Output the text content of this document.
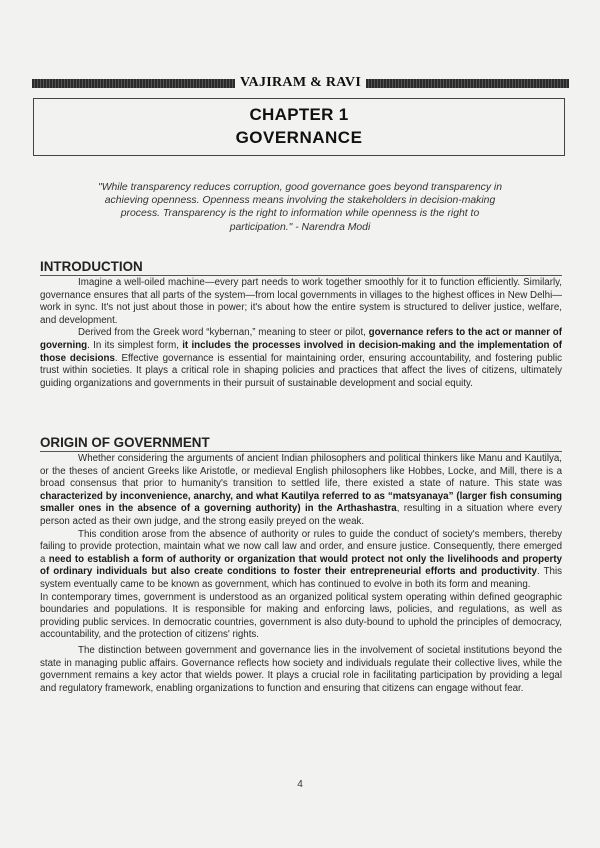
VAJIRAM & RAVI
CHAPTER 1
GOVERNANCE
"While transparency reduces corruption, good governance goes beyond transparency in achieving openness. Openness means involving the stakeholders in decision-making process. Transparency is the right to information while openness is the right to participation." - Narendra Modi
INTRODUCTION

Imagine a well-oiled machine—every part needs to work together smoothly for it to function efficiently. Similarly, governance ensures that all parts of the system—from local governments in villages to the highest offices in New Delhi—work in sync. It's not just about those in power; it's about how the entire system is structured to deliver justice, welfare, and development.

Derived from the Greek word “kybernan,” meaning to steer or pilot, governance refers to the act or manner of governing. In its simplest form, it includes the processes involved in decision-making and the implementation of those decisions. Effective governance is essential for maintaining order, ensuring accountability, and fostering public trust within societies. It plays a critical role in shaping policies and practices that affect the lives of citizens, ultimately guiding organizations and governments in their pursuit of sustainable development and social equity.

ORIGIN OF GOVERNMENT

Whether considering the arguments of ancient Indian philosophers and political thinkers like Manu and Kautilya, or the theses of ancient Greeks like Aristotle, or medieval English philosophers like Hobbes, Locke, and Mill, there is a broad consensus that prior to humanity's transition to settled life, there existed a state of nature. This state was characterized by inconvenience, anarchy, and what Kautilya referred to as “matsyanaya” (larger fish consuming smaller ones in the absence of a governing authority) in the Arthashastra, resulting in a situation where every person acted as their own judge, and the strong easily preyed on the weak.

This condition arose from the absence of authority or rules to guide the conduct of society's members, thereby failing to provide protection, maintain what we now call law and order, and ensure justice. Consequently, there emerged a need to establish a form of authority or organization that would protect not only the livelihoods and property of ordinary individuals but also create conditions to foster their entrepreneurial efforts and productivity. This system eventually came to be known as government, which has continued to evolve in both its form and meaning.

In contemporary times, government is understood as an organized political system operating within defined geographic boundaries and populations. It is responsible for making and enforcing laws, policies, and regulations, as well as providing public services. In democratic countries, government is also duty-bound to uphold the principles of democracy, accountability, and the protection of citizens' rights.

The distinction between government and governance lies in the involvement of societal institutions beyond the state in managing public affairs. Governance reflects how society and individuals regulate their collective lives, while the government remains a key actor that wields power. It plays a crucial role in facilitating participation by providing a legal and regulatory framework, enabling organizations to function and ensuring that citizens can engage without fear.

4
